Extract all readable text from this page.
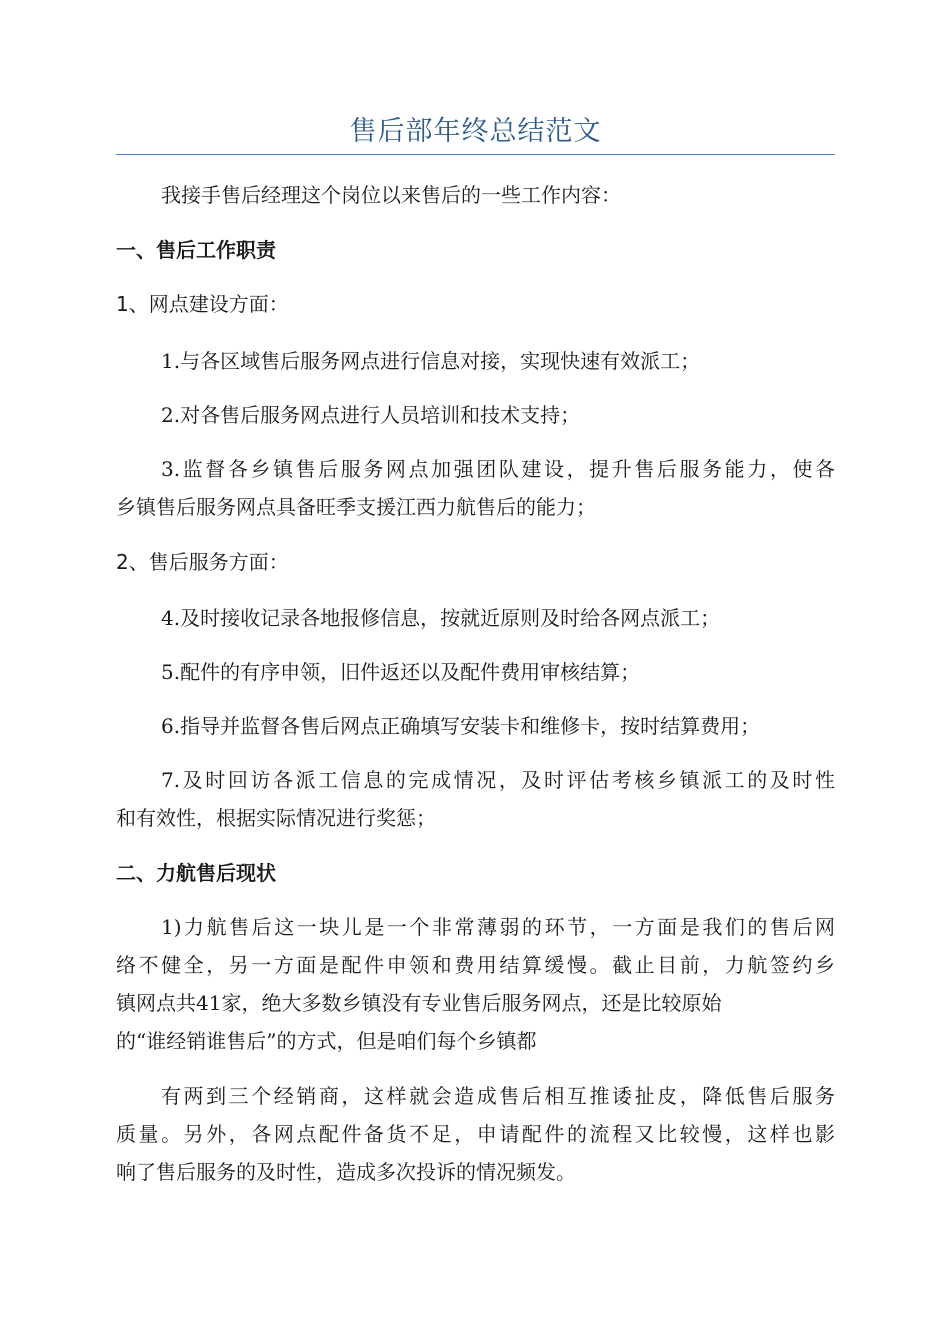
售后部年终总结范文
我接手售后经理这个岗位以来售后的一些工作内容：
一、售后工作职责
1、网点建设方面：
1.与各区域售后服务网点进行信息对接，实现快速有效派工；
2.对各售后服务网点进行人员培训和技术支持；
3.监督各乡镇售后服务网点加强团队建设，提升售后服务能力，使各
乡镇售后服务网点具备旺季支援江西力航售后的能力；
2、售后服务方面：
4.及时接收记录各地报修信息，按就近原则及时给各网点派工；
5.配件的有序申领，旧件返还以及配件费用审核结算；
6.指导并监督各售后网点正确填写安装卡和维修卡，按时结算费用；
7.及时回访各派工信息的完成情况，及时评估考核乡镇派工的及时性
和有效性，根据实际情况进行奖惩；
二、力航售后现状
1)力航售后这一块儿是一个非常薄弱的环节，一方面是我们的售后网
络不健全，另一方面是配件申领和费用结算缓慢。截止目前，力航签约乡
镇网点共41家，绝大多数乡镇没有专业售后服务网点，还是比较原始
的“谁经销谁售后”的方式，但是咱们每个乡镇都
有两到三个经销商，这样就会造成售后相互推诿扯皮，降低售后服务
质量。另外，各网点配件备货不足，申请配件的流程又比较慢，这样也影
响了售后服务的及时性，造成多次投诉的情况频发。
